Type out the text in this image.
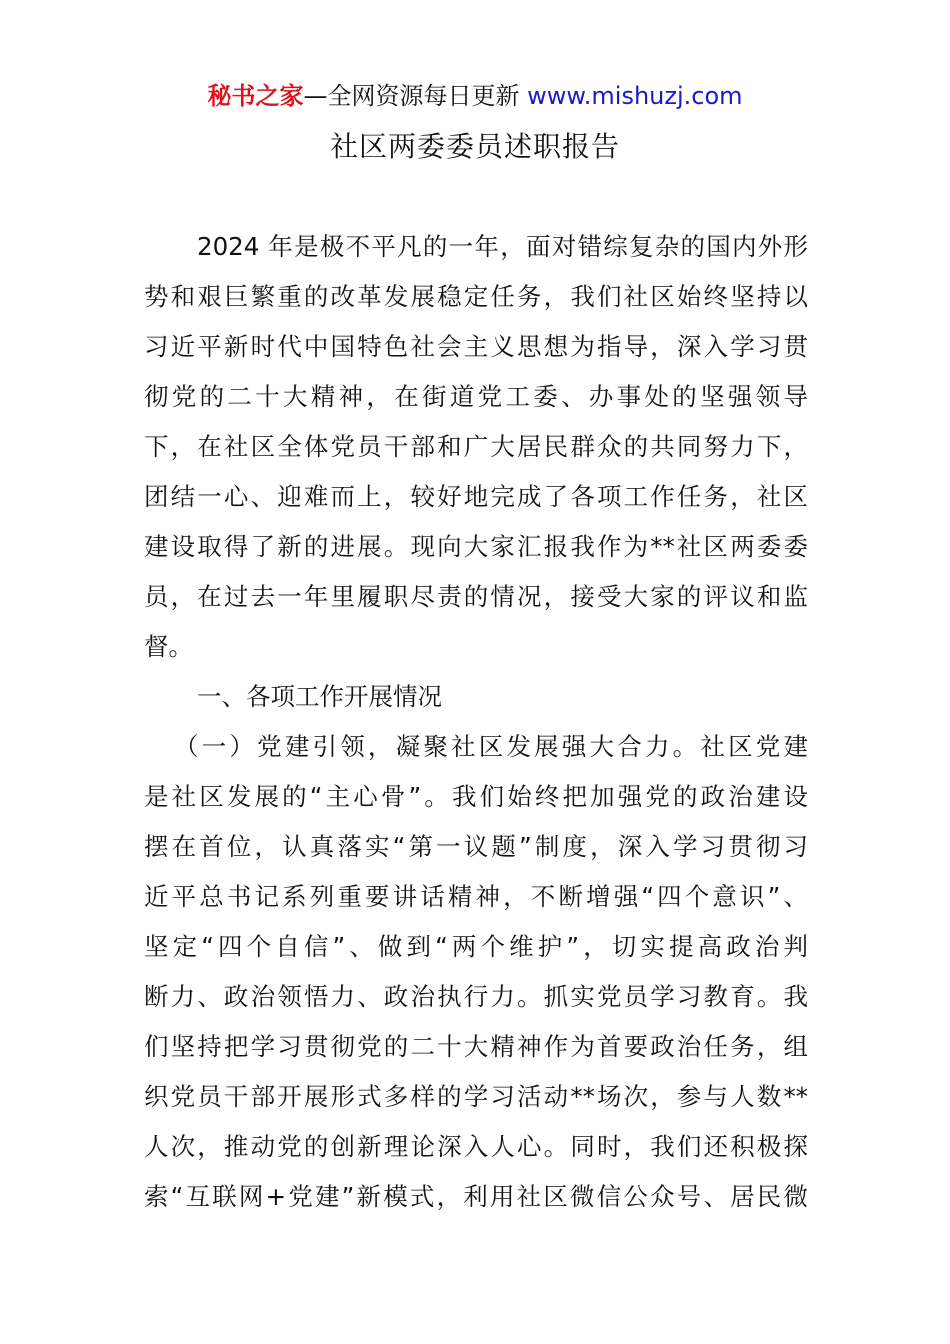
秘书之家—全网资源每日更新 www.mishuzj.com
社区两委委员述职报告
2024 年是极不平凡的一年，面对错综复杂的国内外形
势和艰巨繁重的改革发展稳定任务，我们社区始终坚持以
习近平新时代中国特色社会主义思想为指导，深入学习贯
彻党的二十大精神，在街道党工委、办事处的坚强领导
下，在社区全体党员干部和广大居民群众的共同努力下，
团结一心、迎难而上，较好地完成了各项工作任务，社区
建设取得了新的进展。现向大家汇报我作为**社区两委委
员，在过去一年里履职尽责的情况，接受大家的评议和监
督。
一、各项工作开展情况
（一）党建引领，凝聚社区发展强大合力。社区党建
是社区发展的“主心骨”。我们始终把加强党的政治建设
摆在首位，认真落实“第一议题”制度，深入学习贯彻习
近平总书记系列重要讲话精神，不断增强“四个意识”、
坚定“四个自信”、做到“两个维护”，切实提高政治判
断力、政治领悟力、政治执行力。抓实党员学习教育。我
们坚持把学习贯彻党的二十大精神作为首要政治任务，组
织党员干部开展形式多样的学习活动**场次，参与人数**
人次，推动党的创新理论深入人心。同时，我们还积极探
索“互联网+党建”新模式，利用社区微信公众号、居民微
